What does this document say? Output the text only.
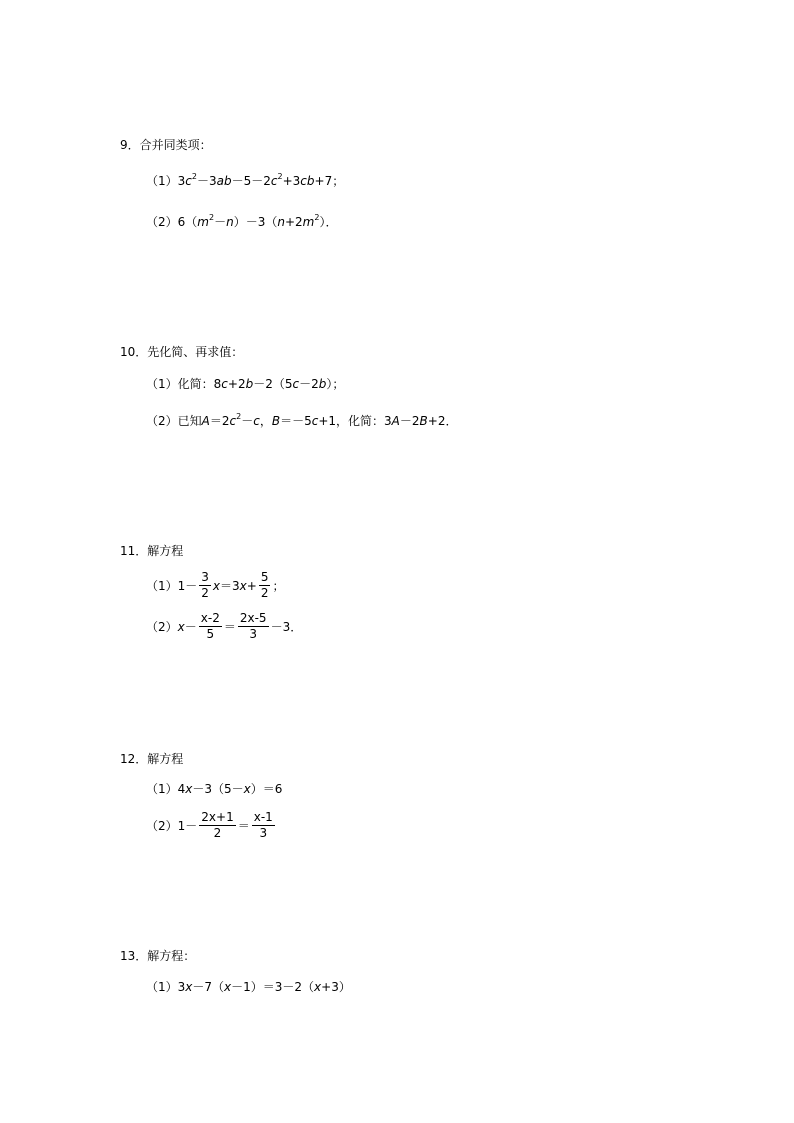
9．合并同类项：
$(1)3c^2-3ab-5-2c^2+3cb+7$；
$(2)6(m^2-n)-3(n+2m^2)$．
10．先化简、再求值：
（1）化简：8c+2b－2（5c－2b）；
（2）已知$A=2c^2-c$，B＝－5c+1，化简：3A－2B+2．
11．解方程
$(1)1- \frac{3}{2} x=3x+ \frac{5}{2}$ ；
$(2)x- \frac{x-2}{5} = \frac{2x-5}{3} -3$．
12．解方程
（1）4x－3（5－x）＝6
$(2)1- \frac{2x+1}{2} = \frac{x-1}{3}$
13．解方程：
（1）3x－7（x－1）＝3－2（x+3）
